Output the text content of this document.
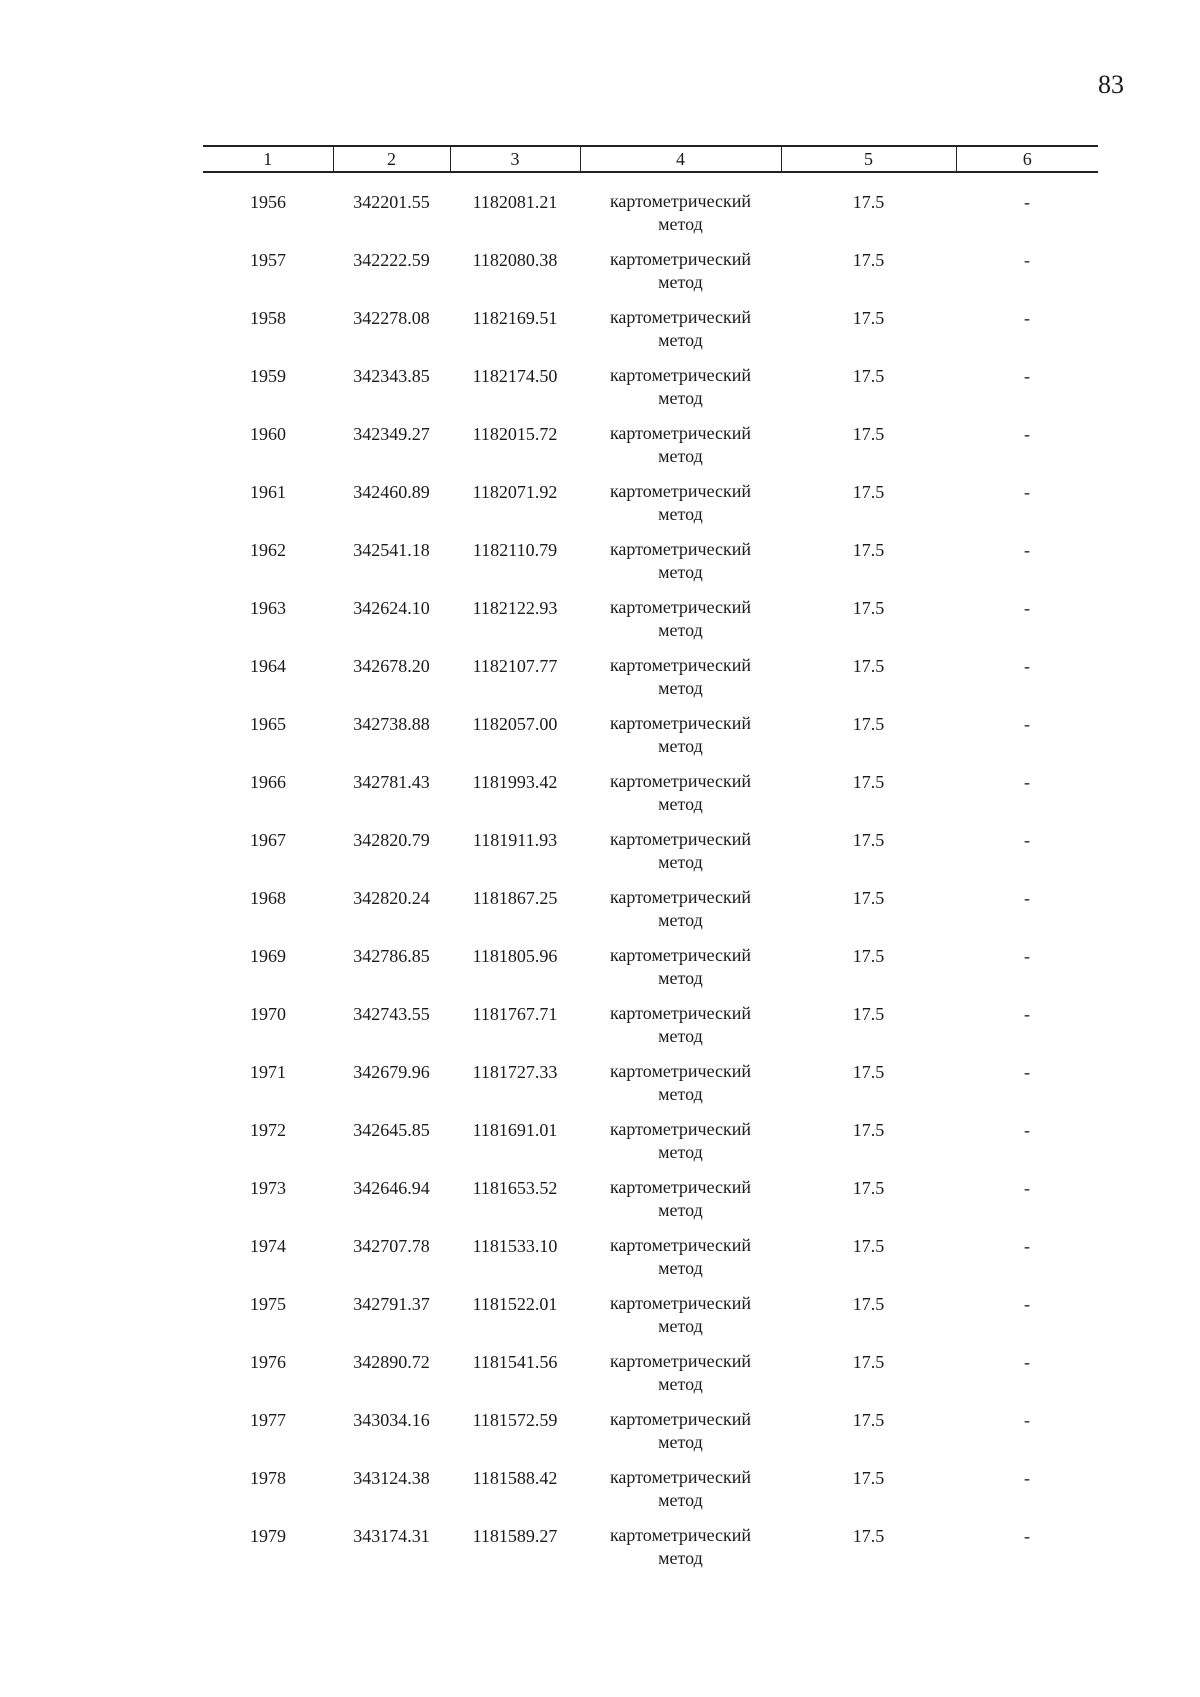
83
1	2	3	4	5	6
1956	342201.55	1182081.21	картометрический
метод	17.5	-
1957	342222.59	1182080.38	картометрический
метод	17.5	-
1958	342278.08	1182169.51	картометрический
метод	17.5	-
1959	342343.85	1182174.50	картометрический
метод	17.5	-
1960	342349.27	1182015.72	картометрический
метод	17.5	-
1961	342460.89	1182071.92	картометрический
метод	17.5	-
1962	342541.18	1182110.79	картометрический
метод	17.5	-
1963	342624.10	1182122.93	картометрический
метод	17.5	-
1964	342678.20	1182107.77	картометрический
метод	17.5	-
1965	342738.88	1182057.00	картометрический
метод	17.5	-
1966	342781.43	1181993.42	картометрический
метод	17.5	-
1967	342820.79	1181911.93	картометрический
метод	17.5	-
1968	342820.24	1181867.25	картометрический
метод	17.5	-
1969	342786.85	1181805.96	картометрический
метод	17.5	-
1970	342743.55	1181767.71	картометрический
метод	17.5	-
1971	342679.96	1181727.33	картометрический
метод	17.5	-
1972	342645.85	1181691.01	картометрический
метод	17.5	-
1973	342646.94	1181653.52	картометрический
метод	17.5	-
1974	342707.78	1181533.10	картометрический
метод	17.5	-
1975	342791.37	1181522.01	картометрический
метод	17.5	-
1976	342890.72	1181541.56	картометрический
метод	17.5	-
1977	343034.16	1181572.59	картометрический
метод	17.5	-
1978	343124.38	1181588.42	картометрический
метод	17.5	-
1979	343174.31	1181589.27	картометрический
метод	17.5	-
